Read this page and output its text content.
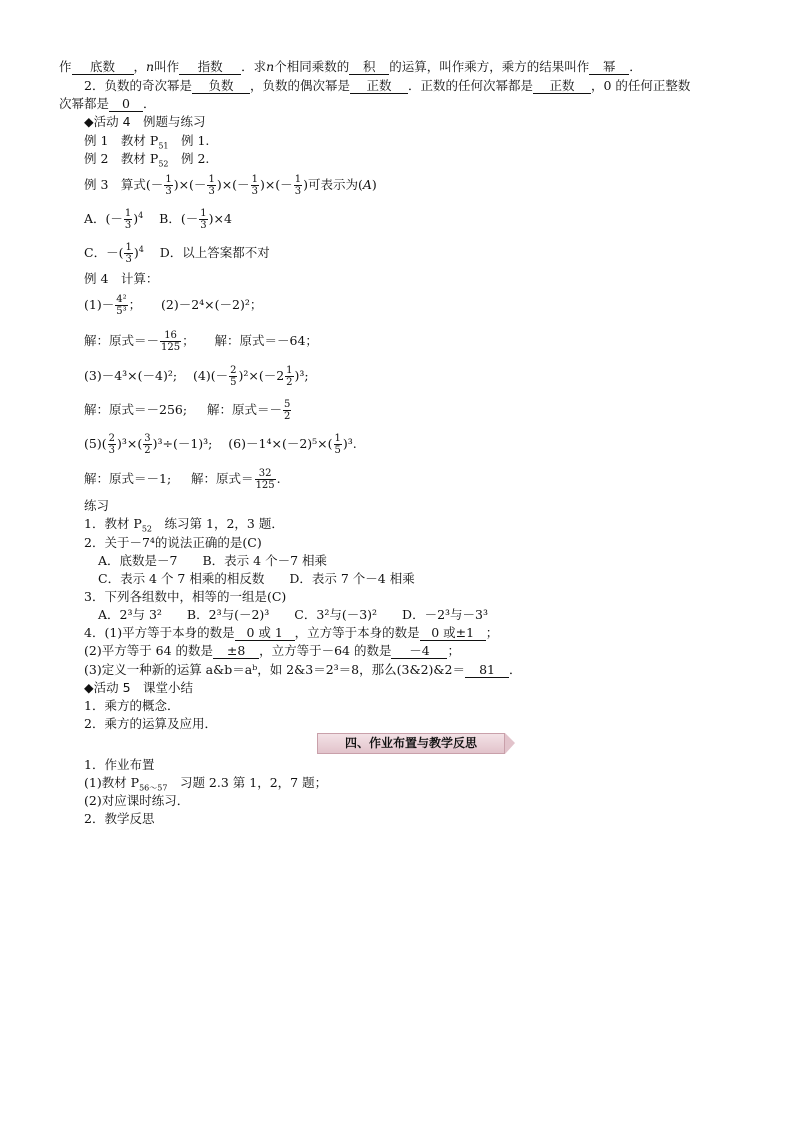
作 底数 ，n叫作 指数 ．求n个相同乘数的 积 的运算，叫作乘方，乘方的结果叫作 幂 ．
2．负数的奇次幂是 负数 ，负数的偶次幂是 正数 ．正数的任何次幂都是 正数 ，0 的任何正整数
次幂都是 0 ．
◆活动 4　例题与练习
例 1　教材 $P_{51}$　例 1.
例 2　教材 $P_{52}$　例 2.
例 3　算式(－ $\frac{1}{3}$ )×(－ $\frac{1}{3}$ )×(－ $\frac{1}{3}$ )×(－ $\frac{1}{3}$ )可表示为(A)
A．(－ $\frac{1}{3} )^4$ B．(－ $\frac{1}{3} )\times 4$
C．－( $\frac{1}{3} )^4$ D．以上答案都不对
例 4　计算：
$(1)- \frac{\text{4²}}{\text{5³}}$ ； (2)－2⁴×(－2)²；
解：原式＝－ $\frac{16}{125}$ ； 解：原式＝－64；
(3)－4³×(－4)²; $(4)(- \frac{2}{5} )^2\times(-2 \frac{1}{2} )^3$;
解：原式＝－256; 解：原式＝－ $\frac{5}{2}$
$(5)( \frac{2}{3} )^3\times( \frac{3}{2} )^3\div(-1)^3$; $(6)-1^4\times(-2)^5\times( \frac{1}{5} )^3$.
解：原式＝－1; 解：原式＝ $\frac{32}{125}$ .
练习
1．教材 $P_{52}$　练习第 1，2，3 题．
2．关于－7⁴的说法正确的是(C)
A．底数是－7　　B．表示 4 个－7 相乘
C．表示 4 个 7 相乘的相反数　　D．表示 7 个－4 相乘
3．下列各组数中，相等的一组是(C)
A．2³与 3²　　B．2³与(－2)³　　C．3²与(－3)²　　D．－2³与－3³
4．(1)平方等于本身的数是 0 或 1 ，立方等于本身的数是 0 或±1 ；
(2)平方等于 64 的数是 ±8 ，立方等于－64 的数是 －4 ；
(3)定义一种新的运算 a&b＝aᵇ，如 2&3＝2³＝8，那么(3&2)&2＝ 81 ．
◆活动 5　课堂小结
1．乘方的概念．
2．乘方的运算及应用．
四、作业布置与教学反思
1．作业布置
(1)教材 $P_{56\sim 57}$　习题 2.3 第 1，2，7 题；
(2)对应课时练习．
2．教学反思
